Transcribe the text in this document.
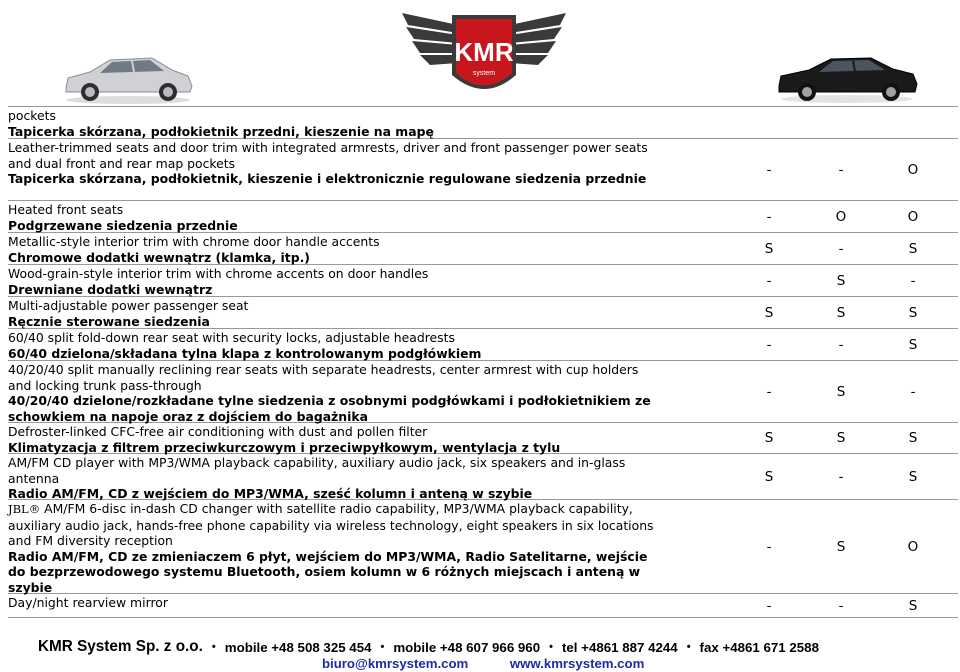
KMR
system
pockets
Tapicerka skórzana, podłokietnik przedni, kieszenie na mapę
Leather-trimmed seats and door trim with integrated armrests, driver and front passenger power seats and dual front and rear map pockets
Tapicerka skórzana, podłokietnik, kieszenie i elektronicznie regulowane siedzenia przednie
-	-	O
Heated front seats
Podgrzewane siedzenia przednie
-	O	O
Metallic-style interior trim with chrome door handle accents
Chromowe dodatki wewnątrz (klamka, itp.)
S	-	S
Wood-grain-style interior trim with chrome accents on door handles
Drewniane dodatki wewnątrz
-	S	-
Multi-adjustable power passenger seat
Ręcznie sterowane siedzenia
S	S	S
60/40 split fold-down rear seat with security locks, adjustable headrests
60/40 dzielona/składana tylna klapa z kontrolowanym podgłówkiem
-	-	S
40/20/40 split manually reclining rear seats with separate headrests, center armrest with cup holders and locking trunk pass-through
40/20/40 dzielone/rozkładane tylne siedzenia z osobnymi podgłówkami i podłokietnikiem ze schowkiem na napoje oraz z dojściem do bagażnika
-	S	-
Defroster-linked CFC-free air conditioning with dust and pollen filter
Klimatyzacja z filtrem przeciwkurczowym i przeciwpyłkowym, wentylacja z tylu
S	S	S
AM/FM CD player with MP3/WMA playback capability, auxiliary audio jack, six speakers and in-glass antenna
Radio AM/FM, CD z wejściem do MP3/WMA, sześć kolumn i anteną w szybie
S	-	S
JBL® AM/FM 6-disc in-dash CD changer with satellite radio capability, MP3/WMA playback capability, auxiliary audio jack, hands-free phone capability via wireless technology, eight speakers in six locations and FM diversity reception
Radio AM/FM, CD ze zmieniaczem 6 płyt, wejściem do MP3/WMA, Radio Satelitarne, wejście do bezprzewodowego systemu Bluetooth, osiem kolumn w 6 różnych miejscach i anteną w szybie
-	S	O
Day/night rearview mirror	-	-	S
KMR System Sp. z o.o. • mobile +48 508 325 454 • mobile +48 607 966 960 • tel +4861 887 4244 • fax +4861 671 2588
biuro@kmrsystem.com	www.kmrsystem.com
